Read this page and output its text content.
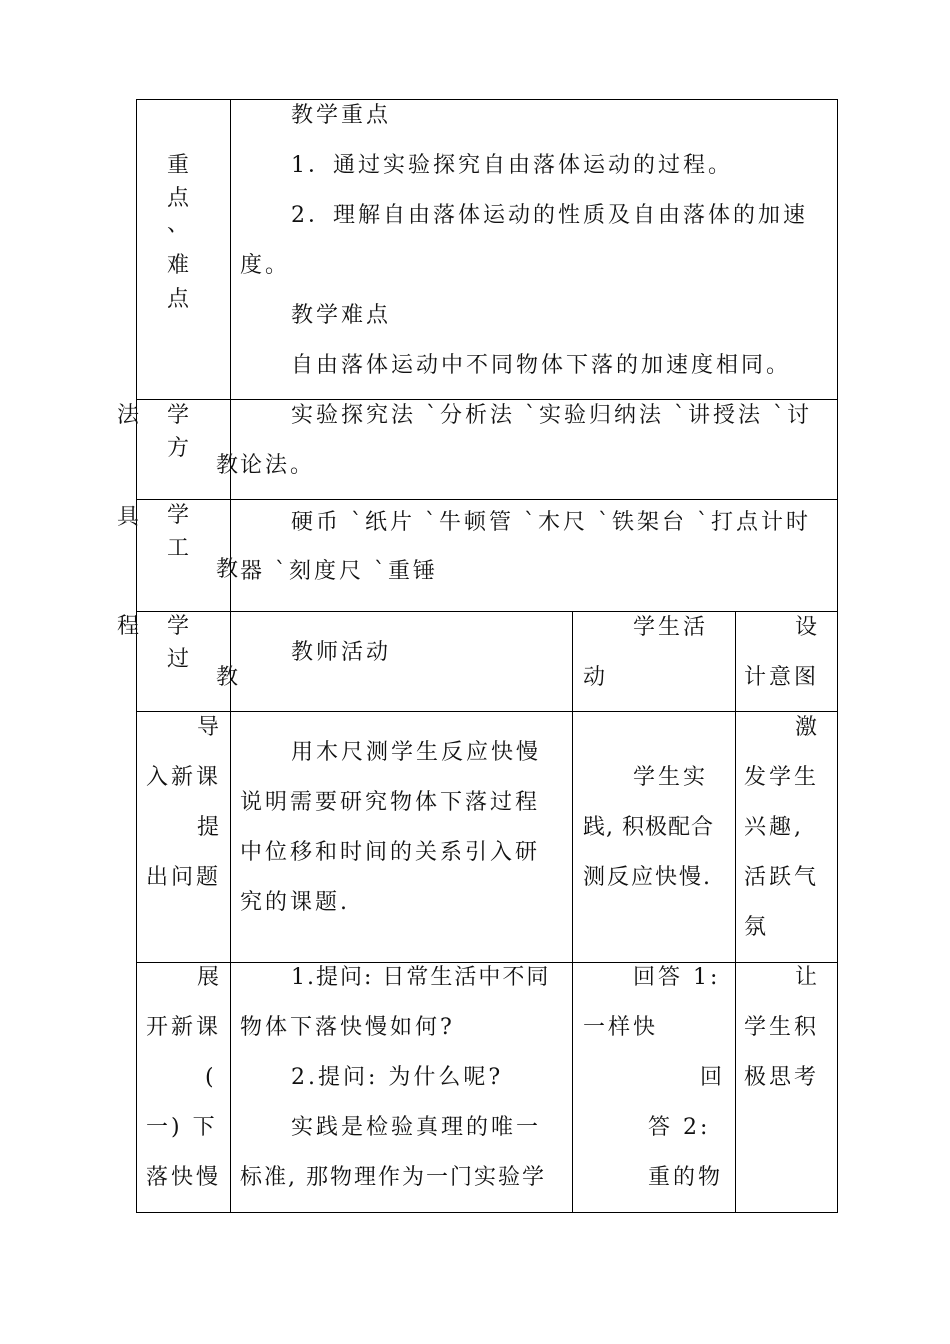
重
点
、
难
点
教学重点
1．通过实验探究自由落体运动的过程。
2．理解自由落体运动的性质及自由落体的加速
度。
教学难点
自由落体运动中不同物体下落的加速度相同。
法 学
方
教
实验探究法 `分析法 `实验归纳法 `讲授法 `讨
论法。
具 学
工
教
硬币 `纸片 `牛顿管 `木尺 `铁架台 `打点计时
器 `刻度尺 `重锤
程 学
过
教
教师活动
学生活
动
设
计意图
导
入新课
提
出问题
用木尺测学生反应快慢
说明需要研究物体下落过程
中位移和时间的关系引入研
究的课题.
学生实
践, 积极配合
测反应快慢.
激
发学生
兴趣,
活跃气
氛
展
开新课
(
一) 下
落快慢
1.提问: 日常生活中不同
物体下落快慢如何?
2.提问: 为什么呢?
实践是检验真理的唯一
标准, 那物理作为一门实验学
回答 1:
一样快
回
答 2:
重的物
让
学生积
极思考
